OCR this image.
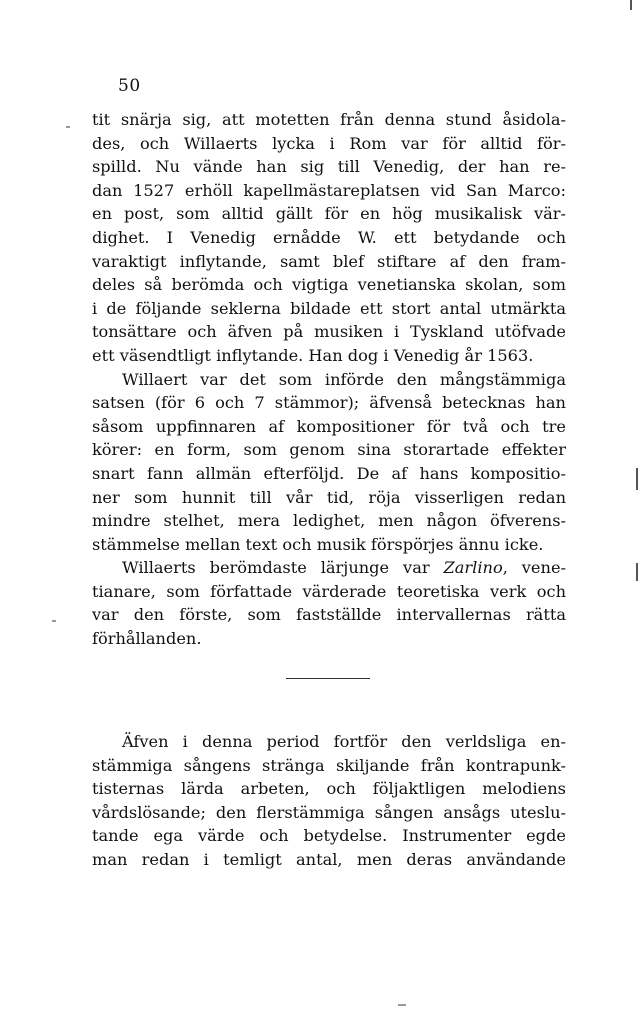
50
tit snärja sig, att motetten från denna stund åsidola-
des, och Willaerts lycka i Rom var för alltid för-
spilld. Nu vände han sig till Venedig, der han re-
dan 1527 erhöll kapellmästareplatsen vid San Marco:
en post, som alltid gällt för en hög musikalisk vär-
dighet. I Venedig ernådde W. ett betydande och
varaktigt inflytande, samt blef stiftare af den fram-
deles så berömda och vigtiga venetianska skolan, som
i de följande seklerna bildade ett stort antal utmärkta
tonsättare och äfven på musiken i Tyskland utöfvade
ett väsendtligt inflytande. Han dog i Venedig år 1563.
Willaert var det som införde den mångstämmiga
satsen (för 6 och 7 stämmor); äfvenså betecknas han
såsom uppfinnaren af kompositioner för två och tre
körer: en form, som genom sina storartade effekter
snart fann allmän efterföljd. De af hans kompositio-
ner som hunnit till vår tid, röja visserligen redan
mindre stelhet, mera ledighet, men någon öfverens-
stämmelse mellan text och musik förspörjes ännu icke.
Willaerts berömdaste lärjunge var Zarlino, vene-
tianare, som författade värderade teoretiska verk och
var den förste, som fastställde intervallernas rätta
förhållanden.
Äfven i denna period fortför den verldsliga en-
stämmiga sångens stränga skiljande från kontrapunk-
tisternas lärda arbeten, och följaktligen melodiens
vårdslösande; den flerstämmiga sången ansågs uteslu-
tande ega värde och betydelse. Instrumenter egde
man redan i temligt antal, men deras användande
